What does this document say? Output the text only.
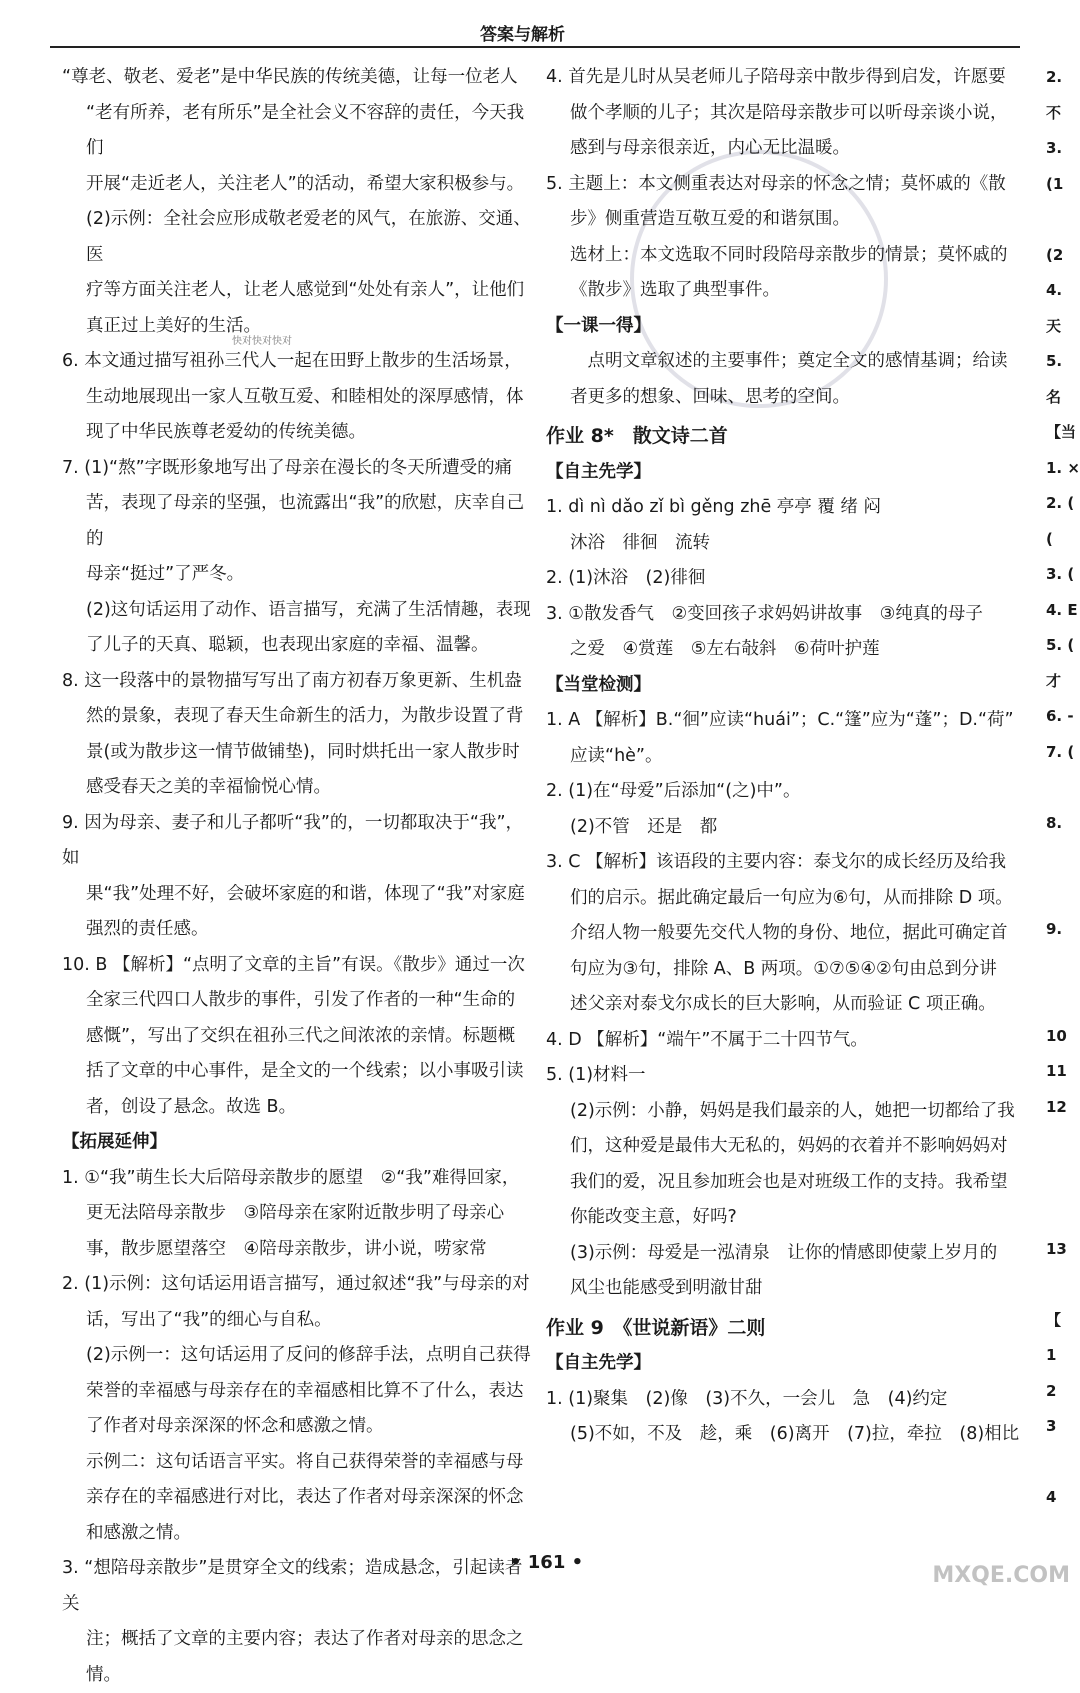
答案与解析

“尊老、敬老、爱老”是中华民族的传统美德，让每一位老人

“老有所养，老有所乐”是全社会义不容辞的责任，今天我们

开展“走近老人，关注老人”的活动，希望大家积极参与。

(2)示例：全社会应形成敬老爱老的风气，在旅游、交通、医

疗等方面关注老人，让老人感觉到“处处有亲人”，让他们

真正过上美好的生活。

6. 本文通过描写祖孙三代人一起在田野上散步的生活场景，

生动地展现出一家人互敬互爱、和睦相处的深厚感情，体

现了中华民族尊老爱幼的传统美德。

7. (1)“熬”字既形象地写出了母亲在漫长的冬天所遭受的痛

苦，表现了母亲的坚强，也流露出“我”的欣慰，庆幸自己的

母亲“挺过”了严冬。

(2)这句话运用了动作、语言描写，充满了生活情趣，表现

了儿子的天真、聪颖，也表现出家庭的幸福、温馨。

8. 这一段落中的景物描写写出了南方初春万象更新、生机盎

然的景象，表现了春天生命新生的活力，为散步设置了背

景(或为散步这一情节做铺垫)，同时烘托出一家人散步时

感受春天之美的幸福愉悦心情。

9. 因为母亲、妻子和儿子都听“我”的，一切都取决于“我”，如

果“我”处理不好，会破坏家庭的和谐，体现了“我”对家庭

强烈的责任感。

10. B 【解析】“点明了文章的主旨”有误。《散步》通过一次

全家三代四口人散步的事件，引发了作者的一种“生命的

感慨”，写出了交织在祖孙三代之间浓浓的亲情。标题概

括了文章的中心事件，是全文的一个线索；以小事吸引读

者，创设了悬念。故选 B。

【拓展延伸】

1. ①“我”萌生长大后陪母亲散步的愿望　②“我”难得回家，

更无法陪母亲散步　③陪母亲在家附近散步明了母亲心

事，散步愿望落空　④陪母亲散步，讲小说，唠家常

2. (1)示例：这句话运用语言描写，通过叙述“我”与母亲的对

话，写出了“我”的细心与自私。

(2)示例一：这句话运用了反问的修辞手法，点明自己获得

荣誉的幸福感与母亲存在的幸福感相比算不了什么，表达

了作者对母亲深深的怀念和感激之情。

示例二：这句话语言平实。将自己获得荣誉的幸福感与母

亲存在的幸福感进行对比，表达了作者对母亲深深的怀念

和感激之情。

3. “想陪母亲散步”是贯穿全文的线索；造成悬念，引起读者关

注；概括了文章的主要内容；表达了作者对母亲的思念之情。

4. 首先是儿时从吴老师儿子陪母亲中散步得到启发，许愿要

做个孝顺的儿子；其次是陪母亲散步可以听母亲谈小说，

感到与母亲很亲近，内心无比温暖。

5. 主题上：本文侧重表达对母亲的怀念之情；莫怀戚的《散

步》侧重营造互敬互爱的和谐氛围。

选材上：本文选取不同时段陪母亲散步的情景；莫怀戚的

《散步》选取了典型事件。

【一课一得】

　点明文章叙述的主要事件；奠定全文的感情基调；给读

者更多的想象、回味、思考的空间。

作业 8*　散文诗二首

【自主先学】

1. dì nì dǎo zǐ bì gěng zhē 亭亭 覆 绪 闷

沐浴　徘徊　流转

2. (1)沐浴　(2)徘徊

3. ①散发香气　②变回孩子求妈妈讲故事　③纯真的母子

之爱　④赏莲　⑤左右敧斜　⑥荷叶护莲

【当堂检测】

1. A 【解析】B.“徊”应读“huái”；C.“篷”应为“蓬”；D.“荷”

应读“hè”。

2. (1)在“母爱”后添加“(之)中”。

(2)不管　还是　都

3. C 【解析】该语段的主要内容：泰戈尔的成长经历及给我

们的启示。据此确定最后一句应为⑥句，从而排除 D 项。

介绍人物一般要先交代人物的身份、地位，据此可确定首

句应为③句，排除 A、B 两项。①⑦⑤④②句由总到分讲

述父亲对泰戈尔成长的巨大影响，从而验证 C 项正确。

4. D 【解析】“端午”不属于二十四节气。

5. (1)材料一

(2)示例：小静，妈妈是我们最亲的人，她把一切都给了我

们，这种爱是最伟大无私的，妈妈的衣着并不影响妈妈对

我们的爱，况且参加班会也是对班级工作的支持。我希望

你能改变主意，好吗?

(3)示例：母爱是一泓清泉　让你的情感即使蒙上岁月的

风尘也能感受到明澈甘甜

作业 9　《世说新语》二则

【自主先学】

1. (1)聚集　(2)像　(3)不久，一会儿　急　(4)约定

(5)不如，不及　趁，乘　(6)离开　(7)拉，牵拉　(8)相比

2. 不

3. (1

(2

4. 天

5. 名

【当

1. ×

2. (

(

3. (

4. E

5. (

才

6. -

7. (

8.

9.

10

11

12

13

【

1

2

3

4

快对快对快对
• 161 •
MXQE.COM
